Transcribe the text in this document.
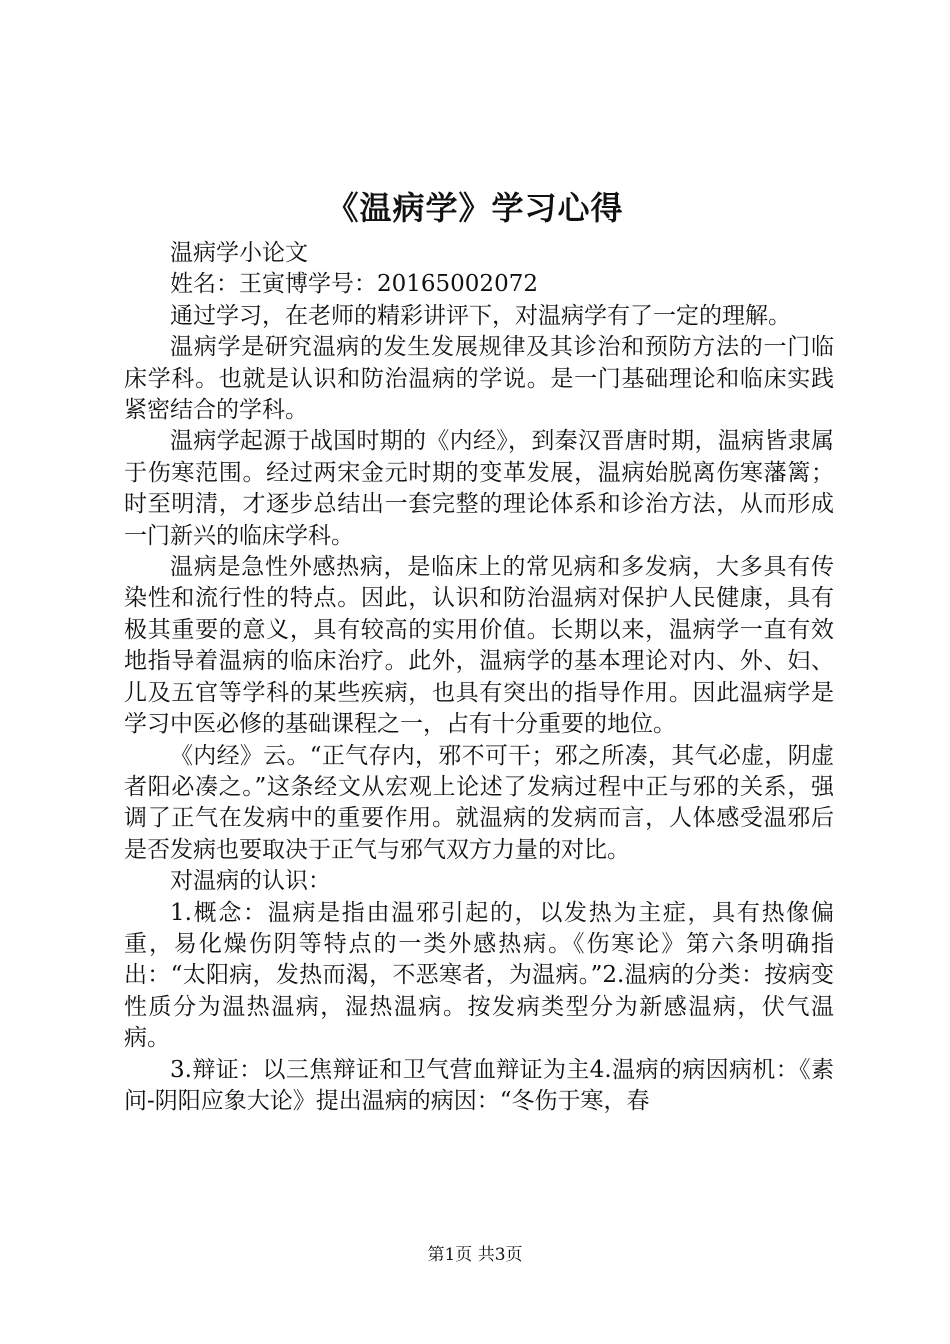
《温病学》学习心得

温病学小论文

姓名：王寅博学号：20165002072

通过学习，在老师的精彩讲评下，对温病学有了一定的理解。

温病学是研究温病的发生发展规律及其诊治和预防方法的一门临床学科。也就是认识和防治温病的学说。是一门基础理论和临床实践紧密结合的学科。

温病学起源于战国时期的《内经》，到秦汉晋唐时期，温病皆隶属于伤寒范围。经过两宋金元时期的变革发展，温病始脱离伤寒藩篱；时至明清，才逐步总结出一套完整的理论体系和诊治方法，从而形成一门新兴的临床学科。

温病是急性外感热病，是临床上的常见病和多发病，大多具有传染性和流行性的特点。因此，认识和防治温病对保护人民健康，具有极其重要的意义，具有较高的实用价值。长期以来，温病学一直有效地指导着温病的临床治疗。此外，温病学的基本理论对内、外、妇、儿及五官等学科的某些疾病，也具有突出的指导作用。因此温病学是学习中医必修的基础课程之一，占有十分重要的地位。

《内经》云。“正气存内，邪不可干；邪之所凑，其气必虚，阴虚者阳必凑之。”这条经文从宏观上论述了发病过程中正与邪的关系，强调了正气在发病中的重要作用。就温病的发病而言，人体感受温邪后是否发病也要取决于正气与邪气双方力量的对比。

对温病的认识：

1.概念：温病是指由温邪引起的，以发热为主症，具有热像偏重，易化燥伤阴等特点的一类外感热病。《伤寒论》第六条明确指出：“太阳病，发热而渴，不恶寒者，为温病。”2.温病的分类：按病变性质分为温热温病，湿热温病。按发病类型分为新感温病，伏气温病。

3.辩证：以三焦辩证和卫气营血辩证为主4.温病的病因病机：《素问-阴阳应象大论》提出温病的病因：“冬伤于寒，春

第1页 共3页
